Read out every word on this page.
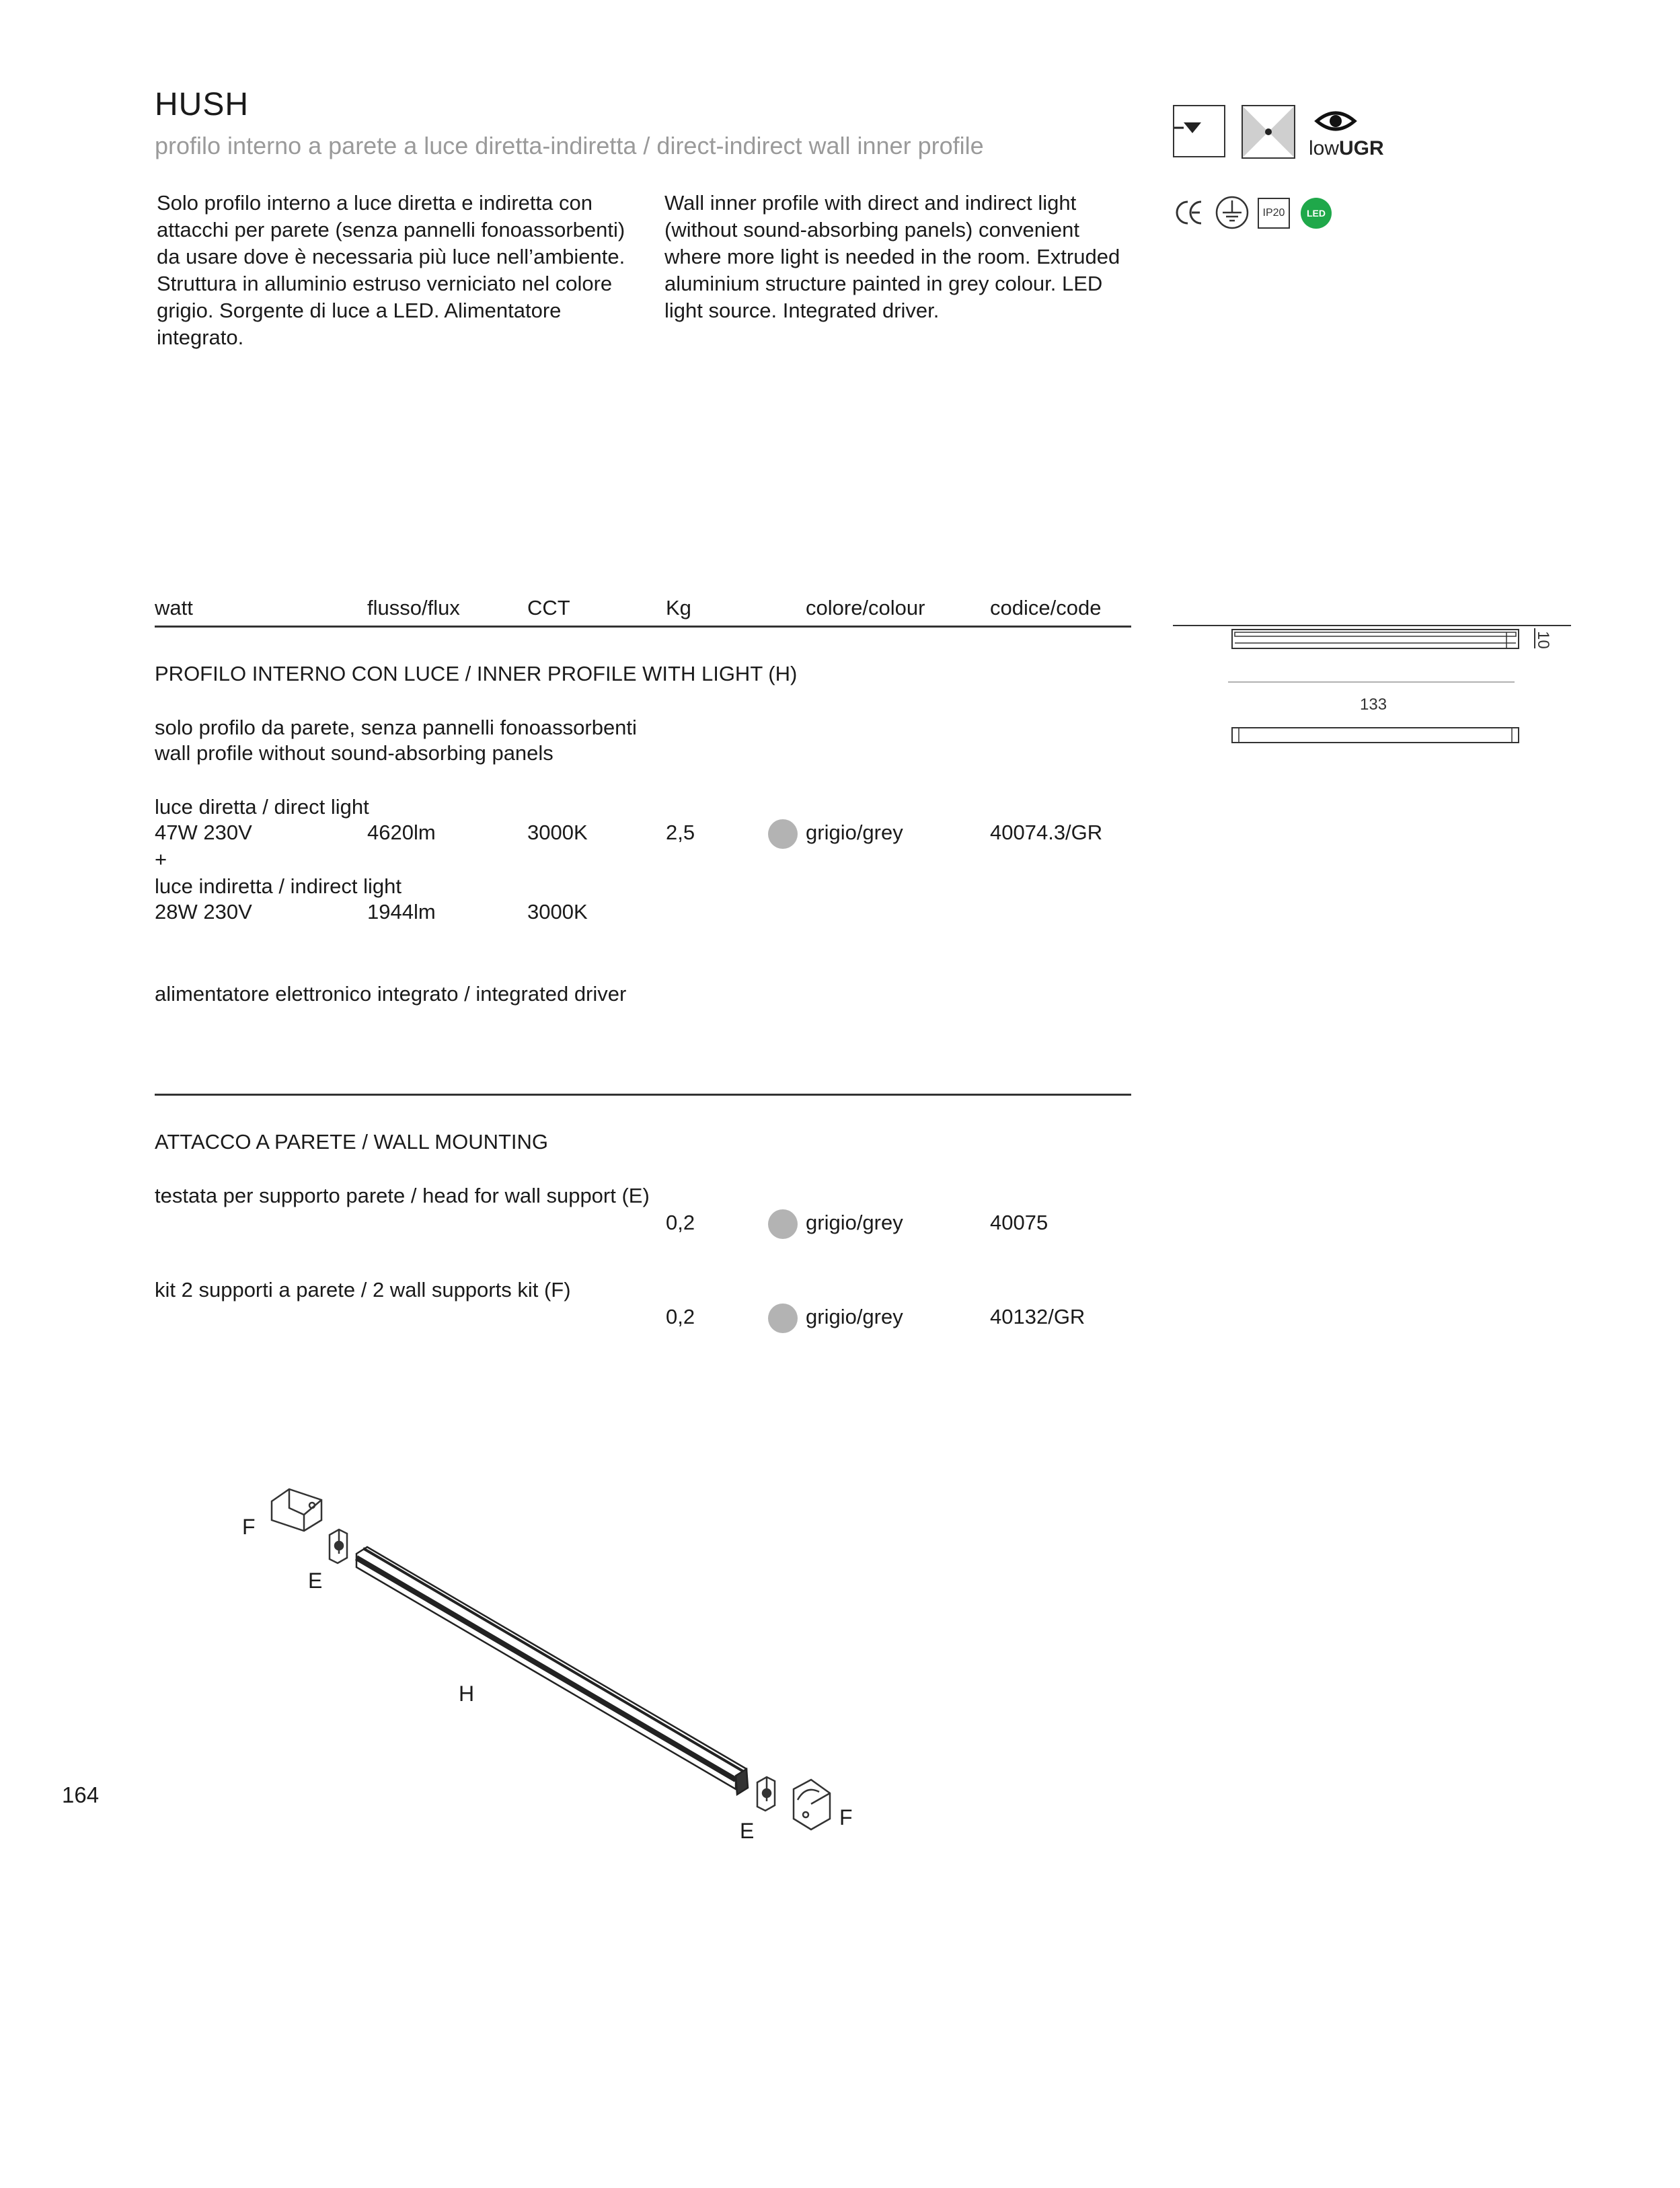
HUSH
profilo interno a parete a luce diretta-indiretta / direct-indirect wall inner profile
Solo profilo interno a luce diretta e indiretta con attacchi per parete (senza pannelli fonoassorbenti) da usare dove è necessaria più luce nell’ambiente. Struttura in alluminio estruso verniciato nel colore grigio. Sorgente di luce a LED. Alimentatore integrato.
Wall inner profile with direct and indirect light (without sound-absorbing panels) convenient where more light is needed in the room. Extruded aluminium structure painted in grey colour. LED light source. Integrated driver.
lowUGR
IP20	LED
watt	flusso/flux	CCT	Kg	colore/colour	codice/code
PROFILO INTERNO CON LUCE / INNER PROFILE WITH LIGHT (H)
solo profilo da parete, senza pannelli fonoassorbenti
wall profile without sound-absorbing panels
luce diretta / direct light
47W 230V	4620lm	3000K	2,5	grigio/grey	40074.3/GR
+
luce indiretta / indirect light
28W 230V	1944lm	3000K
alimentatore elettronico integrato / integrated driver
ATTACCO A PARETE / WALL MOUNTING
testata per supporto parete / head for wall support (E)
0,2	grigio/grey	40075
kit 2 supporti a parete / 2 wall supports kit (F)
0,2	grigio/grey	40132/GR
10
133
F
E
H
E
F
164
